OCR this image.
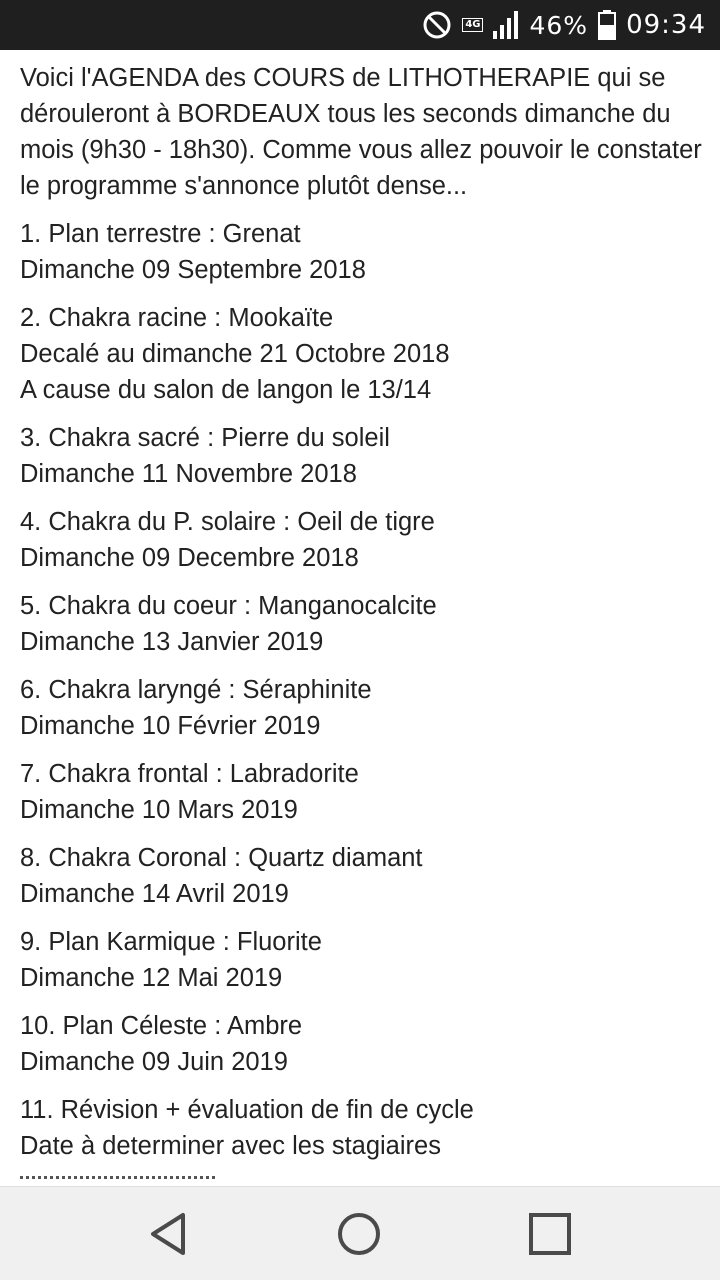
4G 46% 09:34

Voici l'AGENDA des COURS de LITHOTHERAPIE qui se dérouleront à BORDEAUX tous les seconds dimanche du mois (9h30 - 18h30). Comme vous allez pouvoir le constater le programme s'annonce plutôt dense...

1. Plan terrestre : Grenat
Dimanche 09 Septembre 2018
2. Chakra racine : Mookaïte
Decalé au dimanche 21 Octobre 2018
A cause du salon de langon le 13/14
3. Chakra sacré : Pierre du soleil
Dimanche 11 Novembre 2018
4. Chakra du P. solaire : Oeil de tigre
Dimanche 09 Decembre 2018
5. Chakra du coeur : Manganocalcite
Dimanche 13 Janvier 2019
6. Chakra laryngé : Séraphinite
Dimanche 10 Février 2019
7. Chakra frontal : Labradorite
Dimanche 10 Mars 2019
8. Chakra Coronal : Quartz diamant
Dimanche 14 Avril 2019
9. Plan Karmique : Fluorite
Dimanche 12 Mai 2019
10. Plan Céleste : Ambre
Dimanche 09 Juin 2019
11. Révision + évaluation de fin de cycle
Date à determiner avec les stagiaires
